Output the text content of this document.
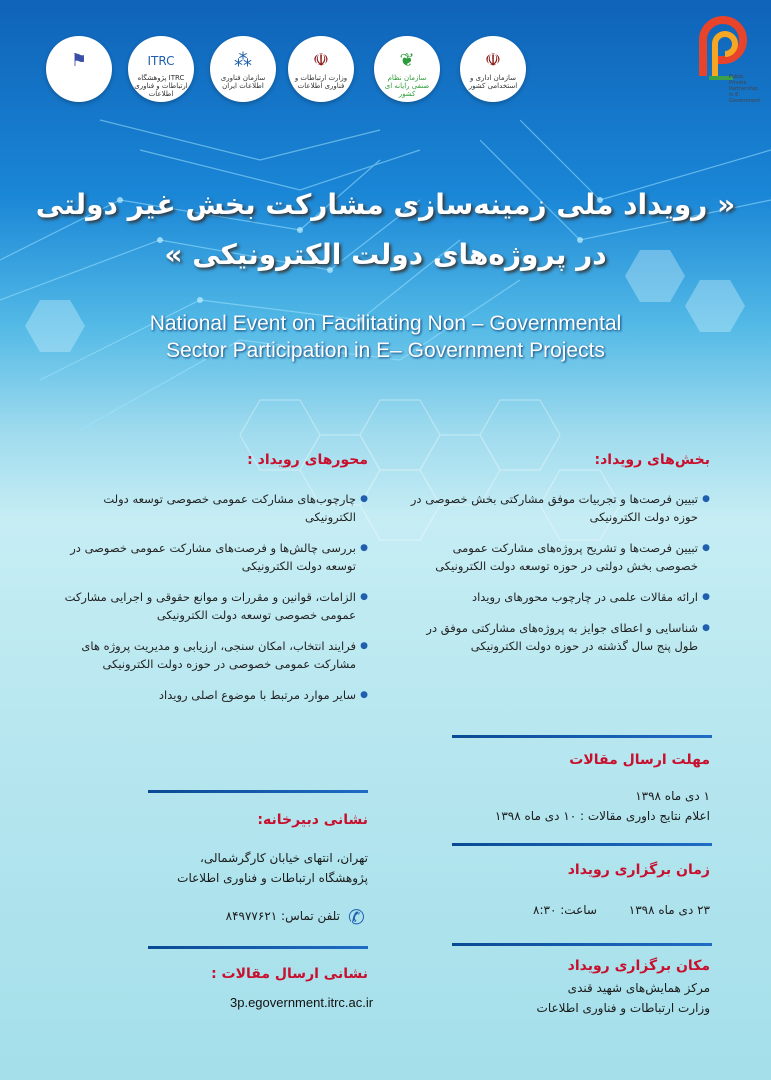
☫
سازمان اداری و استخدامی کشور
❦
سازمان نظام صنفی رایانه ای کشور
☫
وزارت ارتباطات و فناوری اطلاعات
⁂
سازمان فناوری اطلاعات ایران
ITRC
ITRC پژوهشگاه ارتباطات و فناوری اطلاعات
⚑
Public Private Partnership in E-Government
« رویداد ملی زمینه‌سازی مشارکت بخش غیر دولتی
در پروژه‌های دولت الکترونیکی »
National Event on Facilitating Non – Governmental
Sector Participation in E– Government Projects
بخش‌های رویداد:
● تبیین فرصت‌ها و تجربیات موفق مشارکتی بخش خصوصی در حوزه دولت الکترونیکی
● تبیین فرصت‌ها و تشریح پروژه‌های مشارکت عمومی خصوصی بخش دولتی در حوزه توسعه دولت الکترونیکی
● ارائه مقالات علمی در چارچوب محورهای رویداد
● شناسایی و اعطای جوایز به پروژه‌های مشارکتی موفق در طول پنج سال گذشته در حوزه دولت الکترونیکی
محورهای رویداد :
● چارچوب‌های مشارکت عمومی خصوصی توسعه دولت الکترونیکی
● بررسی چالش‌ها و فرصت‌های مشارکت عمومی خصوصی در توسعه دولت الکترونیکی
● الزامات، قوانین و مقررات و موانع حقوقی و اجرایی مشارکت عمومی خصوصی توسعه دولت الکترونیکی
● فرایند انتخاب، امکان سنجی، ارزیابی و مدیریت پروژه های مشارکت عمومی خصوصی در حوزه دولت الکترونیکی
● سایر موارد مرتبط با موضوع اصلی رویداد
مهلت ارسال مقالات
۱ دی ماه ۱۳۹۸
اعلام نتایج داوری مقالات : ۱۰ دی ماه ۱۳۹۸
زمان برگزاری رویداد
۲۳ دی ماه ۱۳۹۸ ساعت: ۸:۳۰
مکان برگزاری رویداد
مرکز همایش‌های شهید قندی
وزارت ارتباطات و فناوری اطلاعات
نشانی دبیرخانه:
تهران، انتهای خیابان کارگرشمالی،
پژوهشگاه ارتباطات و فناوری اطلاعات
تلفن تماس: ۸۴۹۷۷۶۲۱	✆
نشانی ارسال مقالات :
3p.egovernment.itrc.ac.ir
